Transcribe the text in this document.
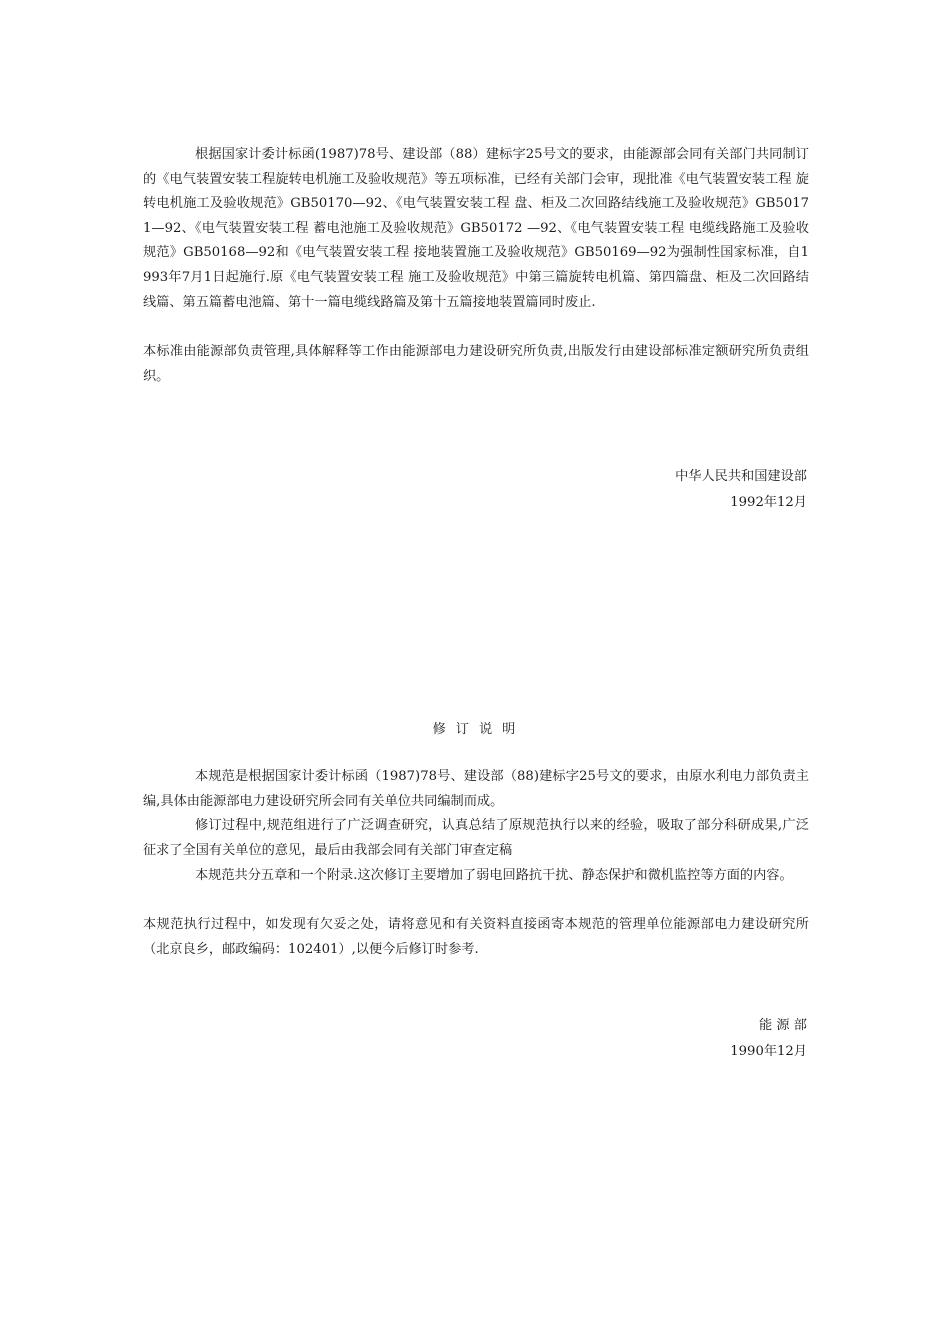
根据国家计委计标函(1987)78号、建设部（88）建标字25号文的要求，由能源部会同有关部门共同制订的《电气装置安装工程旋转电机施工及验收规范》等五项标准，已经有关部门会审，现批准《电气装置安装工程 旋转电机施工及验收规范》GB50170—92、《电气装置安装工程 盘、柜及二次回路结线施工及验收规范》GB50171—92、《电气装置安装工程 蓄电池施工及验收规范》GB50172 —92、《电气装置安装工程 电缆线路施工及验收规范》GB50168—92和《电气装置安装工程 接地装置施工及验收规范》GB50169—92为强制性国家标准，自1993年7月1日起施行.原《电气装置安装工程 施工及验收规范》中第三篇旋转电机篇、第四篇盘、柜及二次回路结线篇、第五篇蓄电池篇、第十一篇电缆线路篇及第十五篇接地装置篇同时废止.

本标准由能源部负责管理,具体解释等工作由能源部电力建设研究所负责,出版发行由建设部标准定额研究所负责组织。

中华人民共和国建设部
1992年12月
修订说明

本规范是根据国家计委计标函（1987)78号、建设部（88)建标字25号文的要求，由原水利电力部负责主编,具体由能源部电力建设研究所会同有关单位共同编制而成。

修订过程中,规范组进行了广泛调查研究，认真总结了原规范执行以来的经验，吸取了部分科研成果,广泛征求了全国有关单位的意见，最后由我部会同有关部门审查定稿

本规范共分五章和一个附录.这次修订主要增加了弱电回路抗干扰、静态保护和微机监控等方面的内容。

本规范执行过程中，如发现有欠妥之处，请将意见和有关资料直接函寄本规范的管理单位能源部电力建设研究所（北京良乡，邮政编码：102401）,以便今后修订时参考.

能 源 部
1990年12月
